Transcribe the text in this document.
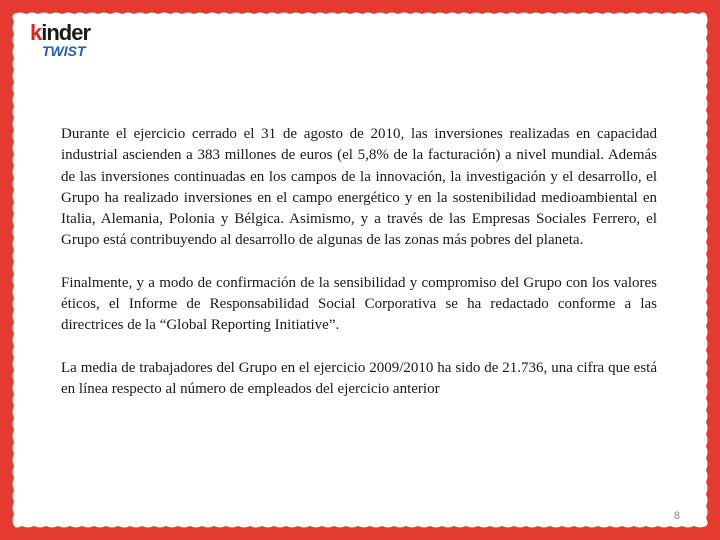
kinder
TWIST

Durante el ejercicio cerrado el 31 de agosto de 2010, las inversiones realizadas en capacidad industrial ascienden a 383 millones de euros (el 5,8% de la facturación) a nivel mundial. Además de las inversiones continuadas en los campos de la innovación, la investigación y el desarrollo, el Grupo ha realizado inversiones en el campo energético y en la sostenibilidad medioambiental en Italia, Alemania, Polonia y Bélgica. Asimismo, y a través de las Empresas Sociales Ferrero, el Grupo está contribuyendo al desarrollo de algunas de las zonas más pobres del planeta.

Finalmente, y a modo de confirmación de la sensibilidad y compromiso del Grupo con los valores éticos, el Informe de Responsabilidad Social Corporativa se ha redactado conforme a las directrices de la “Global Reporting Initiative”.

La media de trabajadores del Grupo en el ejercicio 2009/2010 ha sido de 21.736, una cifra que está en línea respecto al número de empleados del ejercicio anterior

8
